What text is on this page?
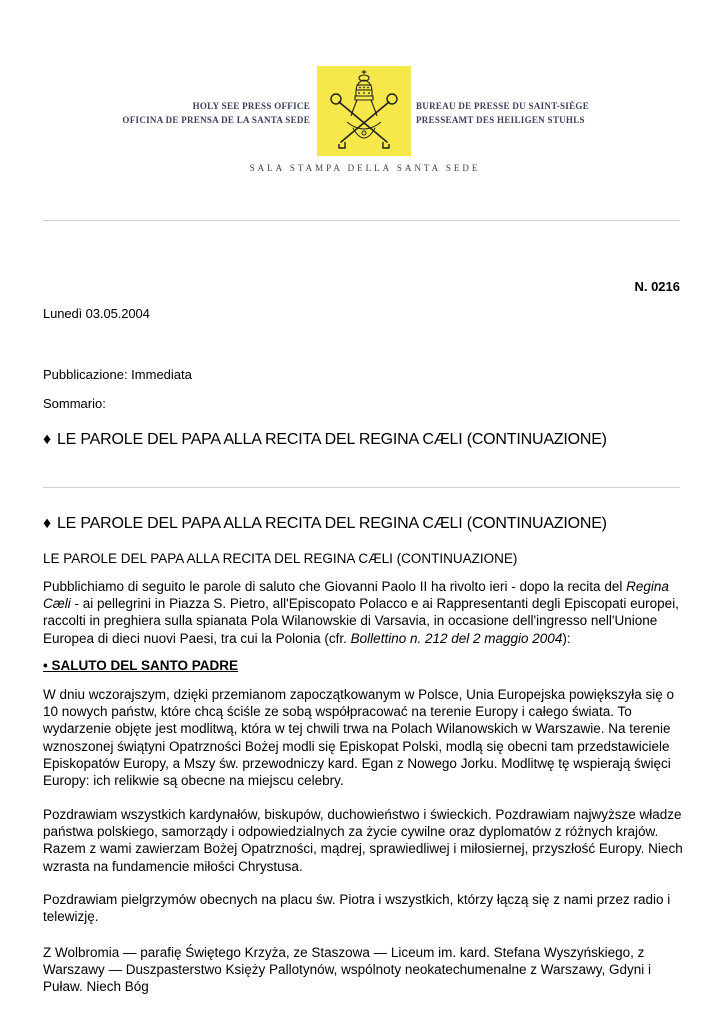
HOLY SEE PRESS OFFICE
OFICINA DE PRENSA DE LA SANTA SEDE
BUREAU DE PRESSE DU SAINT-SIÈGE
PRESSEAMT DES HEILIGEN STUHLS
SALA STAMPA DELLA SANTA SEDE
N. 0216
Lunedì 03.05.2004
Pubblicazione: Immediata
Sommario:
♦ LE PAROLE DEL PAPA ALLA RECITA DEL REGINA CÆLI (CONTINUAZIONE)
♦ LE PAROLE DEL PAPA ALLA RECITA DEL REGINA CÆLI (CONTINUAZIONE)
LE PAROLE DEL PAPA ALLA RECITA DEL REGINA CÆLI (CONTINUAZIONE)

Pubblichiamo di seguito le parole di saluto che Giovanni Paolo II ha rivolto ieri - dopo la recita del Regina Cæli - ai pellegrini in Piazza S. Pietro, all'Episcopato Polacco e ai Rappresentanti degli Episcopati europei, raccolti in preghiera sulla spianata Pola Wilanowskie di Varsavia, in occasione dell'ingresso nell'Unione Europea di dieci nuovi Paesi, tra cui la Polonia (cfr. Bollettino n. 212 del 2 maggio 2004):

• SALUTO DEL SANTO PADRE

W dniu wczorajszym, dzięki przemianom zapoczątkowanym w Polsce, Unia Europejska powiększyła się o 10 nowych państw, które chcą ściśle ze sobą współpracować na terenie Europy i całego świata. To wydarzenie objęte jest modlitwą, która w tej chwili trwa na Polach Wilanowskich w Warszawie. Na terenie wznoszonej świątyni Opatrzności Bożej modli się Episkopat Polski, modlą się obecni tam przedstawiciele Episkopatów Europy, a Mszy św. przewodniczy kard. Egan z Nowego Jorku. Modlitwę tę wspierają święci Europy: ich relikwie są obecne na miejscu celebry.

Pozdrawiam wszystkich kardynałów, biskupów, duchowieństwo i świeckich. Pozdrawiam najwyższe władze państwa polskiego, samorządy i odpowiedzialnych za życie cywilne oraz dyplomatów z różnych krajów. Razem z wami zawierzam Bożej Opatrzności, mądrej, sprawiedliwej i miłosiernej, przyszłość Europy. Niech wzrasta na fundamencie miłości Chrystusa.

Pozdrawiam pielgrzymów obecnych na placu św. Piotra i wszystkich, którzy łączą się z nami przez radio i telewizję.

Z Wolbromia — parafię Świętego Krzyża, ze Staszowa — Liceum im. kard. Stefana Wyszyńskiego, z Warszawy — Duszpasterstwo Księży Pallotynów, wspólnoty neokatechumenalne z Warszawy, Gdyni i Puław. Niech Bóg
